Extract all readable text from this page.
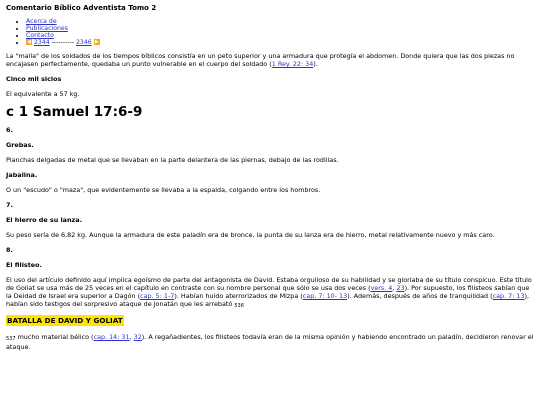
Comentario Bíblico Adventista Tomo 2
• Acerca de
• Publicaciones
• Contacto
• ◀ 2344 ---------- 2346 ▶

La "malla" de los soldados de los tiempos bíblicos consistía en un peto superior y una armadura que protegía el abdomen. Donde quiera que las dos piezas no encajasen perfectamente, quedaba un punto vulnerable en el cuerpo del soldado (1 Rey. 22: 34).

Cinco mil siclos

El equivalente a 57 kg.

c 1 Samuel 17:6-9
6.
Grebas.

Planchas delgadas de metal que se llevaban en la parte delantera de las piernas, debajo de las rodillas.

Jabalina.

O un "escudo" o "maza", que evidentemente se llevaba a la espalda, colgando entre los hombros.

7.
El hierro de su lanza.

Su peso sería de 6,82 kg. Aunque la armadura de este paladín era de bronce, la punta de su lanza era de hierro, metal relativamente nuevo y más caro.

8.
El filisteo.

El uso del artículo definido aquí implica egoísmo de parte del antagonista de David. Estaba orgulloso de su habilidad y se gloriaba de su título conspicuo. Este título de Goliat se usa más de 25 veces en el capítulo en contraste con su nombre personal que sólo se usa dos veces (vers. 4, 23). Por supuesto, los filisteos sabían que la Deidad de Israel era superior a Dagón (cap. 5: 1-7). Habían huido aterrorizados de Mizpa (cap. 7: 10- 13). Además, después de años de tranquilidad (cap. 7: 13), habían sido testigos del sorpresivo ataque de Jonatán que les arrebató 536

BATALLA DE DAVID Y GOLIAT

537 mucho material bélico (cap. 14: 31, 32). A regañadientes, los filisteos todavía eran de la misma opinión y habiendo encontrado un paladín, decidieron renovar el ataque.
